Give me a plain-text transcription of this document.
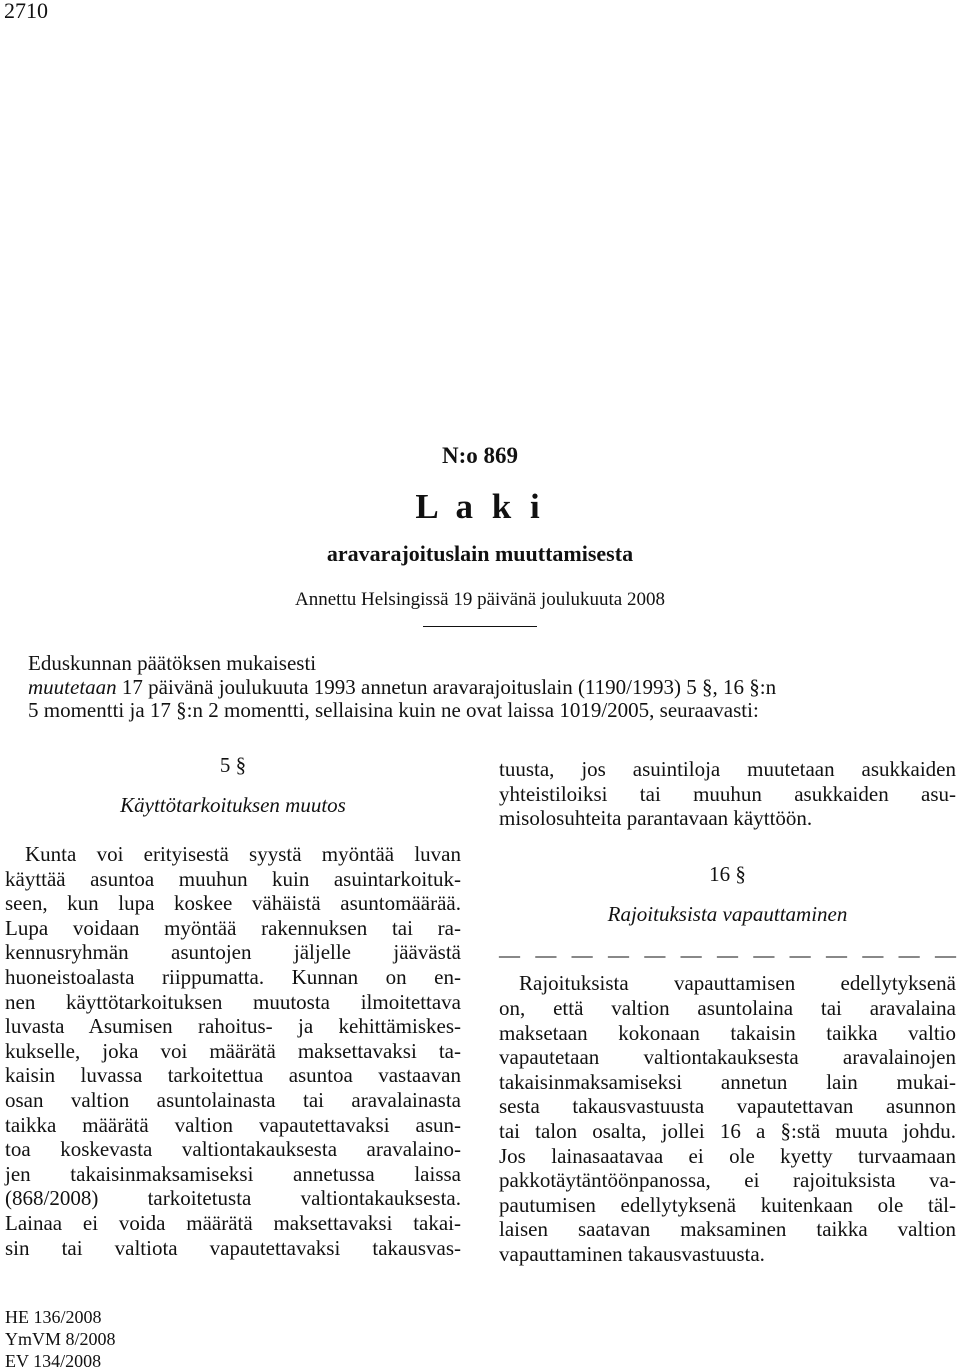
2710
N:o 869
L a k i
aravarajoituslain muuttamisesta
Annettu Helsingissä 19 päivänä joulukuuta 2008
Eduskunnan päätöksen mukaisesti
muutetaan 17 päivänä joulukuuta 1993 annetun aravarajoituslain (1190/1993) 5 §, 16 §:n
5 momentti ja 17 §:n 2 momentti, sellaisina kuin ne ovat laissa 1019/2005, seuraavasti:
5 §
Käyttötarkoituksen muutos
Kunta voi erityisestä syystä myöntää luvan
käyttää asuntoa muuhun kuin asuintarkoituk-
seen, kun lupa koskee vähäistä asuntomäärää.
Lupa voidaan myöntää rakennuksen tai ra-
kennusryhmän asuntojen jäljelle jäävästä
huoneistoalasta riippumatta. Kunnan on en-
nen käyttötarkoituksen muutosta ilmoitettava
luvasta Asumisen rahoitus- ja kehittämiskes-
kukselle, joka voi määrätä maksettavaksi ta-
kaisin luvassa tarkoitettua asuntoa vastaavan
osan valtion asuntolainasta tai aravalainasta
taikka määrätä valtion vapautettavaksi asun-
toa koskevasta valtiontakauksesta aravalaino-
jen takaisinmaksamiseksi annetussa laissa
(868/2008) tarkoitetusta valtiontakauksesta.
Lainaa ei voida määrätä maksettavaksi takai-
sin tai valtiota vapautettavaksi takausvas-
tuusta, jos asuintiloja muutetaan asukkaiden
yhteistiloiksi tai muuhun asukkaiden asu-
misolosuhteita parantavaan käyttöön.
16 §
Rajoituksista vapauttaminen
— — — — — — — — — — — — —
Rajoituksista vapauttamisen edellytyksenä
on, että valtion asuntolaina tai aravalaina
maksetaan kokonaan takaisin taikka valtio
vapautetaan valtiontakauksesta aravalainojen
takaisinmaksamiseksi annetun lain mukai-
sesta takausvastuusta vapautettavan asunnon
tai talon osalta, jollei 16 a §:stä muuta johdu.
Jos lainasaatavaa ei ole kyetty turvaamaan
pakkotäytäntöönpanossa, ei rajoituksista va-
pautumisen edellytyksenä kuitenkaan ole täl-
laisen saatavan maksaminen taikka valtion
vapauttaminen takausvastuusta.
HE 136/2008
YmVM 8/2008
EV 134/2008
